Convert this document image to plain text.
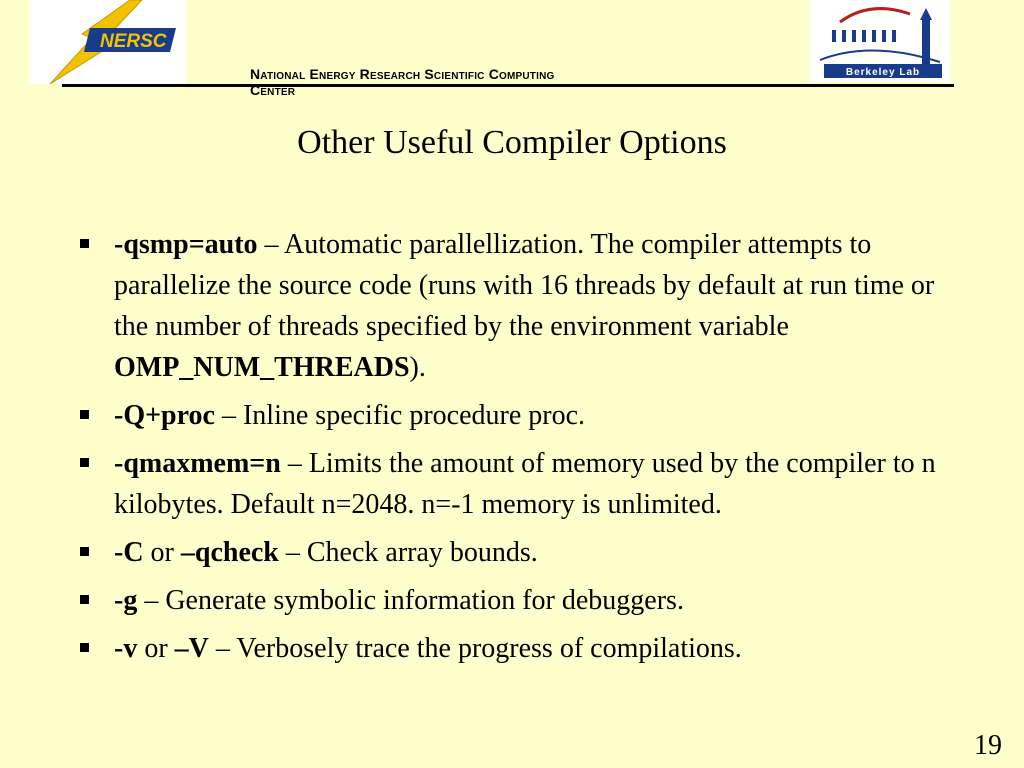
NERSC
Berkeley Lab
National Energy Research Scientific Computing
Center
Other Useful Compiler Options
-qsmp=auto – Automatic parallellization. The compiler attempts to parallelize the source code (runs with 16 threads by default at run time or the number of threads specified by the environment variable OMP_NUM_THREADS).
-Q+proc – Inline specific procedure proc.
-qmaxmem=n – Limits the amount of memory used by the compiler to n kilobytes. Default n=2048. n=-1 memory is unlimited.
-C or –qcheck – Check array bounds.
-g – Generate symbolic information for debuggers.
-v or –V – Verbosely trace the progress of compilations.
19
